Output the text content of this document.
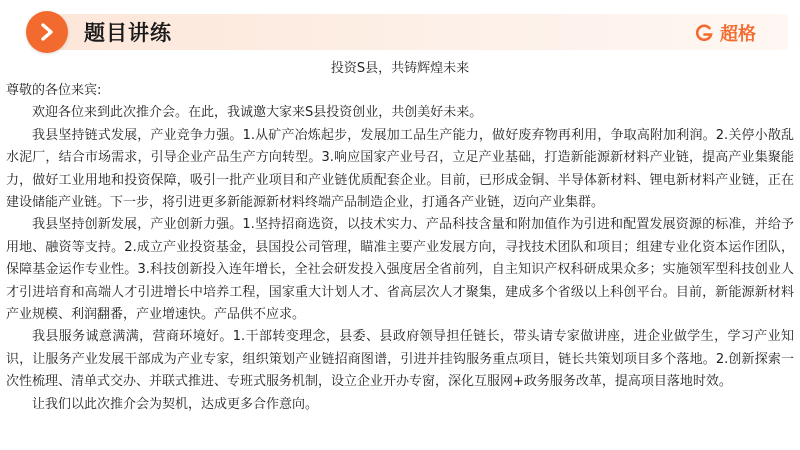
题目讲练	超格
投资S县，共铸辉煌未来

尊敬的各位来宾:

欢迎各位来到此次推介会。在此，我诚邀大家来S县投资创业，共创美好未来。

我县坚持链式发展，产业竞争力强。1.从矿产冶炼起步，发展加工品生产能力，做好废弃物再利用，争取高附加利润。2.关停小散乱水泥厂，结合市场需求，引导企业产品生产方向转型。3.响应国家产业号召，立足产业基础，打造新能源新材料产业链，提高产业集聚能力，做好工业用地和投资保障，吸引一批产业项目和产业链优质配套企业。目前，已形成金铜、半导体新材料、锂电新材料产业链，正在建设储能产业链。下一步，将引进更多新能源新材料终端产品制造企业，打通各产业链，迈向产业集群。

我县坚持创新发展，产业创新力强。1.坚持招商选资，以技术实力、产品科技含量和附加值作为引进和配置发展资源的标准，并给予用地、融资等支持。2.成立产业投资基金，县国投公司管理，瞄准主要产业发展方向，寻找技术团队和项目；组建专业化资本运作团队，保障基金运作专业性。3.科技创新投入连年增长，全社会研发投入强度居全省前列，自主知识产权科研成果众多；实施领军型科技创业人才引进培育和高端人才引进增长中培养工程，国家重大计划人才、省高层次人才聚集，建成多个省级以上科创平台。目前，新能源新材料产业规模、利润翻番，产业增速快。产品供不应求。

我县服务诚意满满，营商环境好。1.干部转变理念，县委、县政府领导担任链长，带头请专家做讲座，进企业做学生，学习产业知识，让服务产业发展干部成为产业专家，组织策划产业链招商图谱，引进并挂钩服务重点项目，链长共策划项目多个落地。2.创新探索一次性梳理、清单式交办、并联式推进、专班式服务机制，设立企业开办专窗，深化互服网+政务服务改革，提高项目落地时效。

让我们以此次推介会为契机，达成更多合作意向。
